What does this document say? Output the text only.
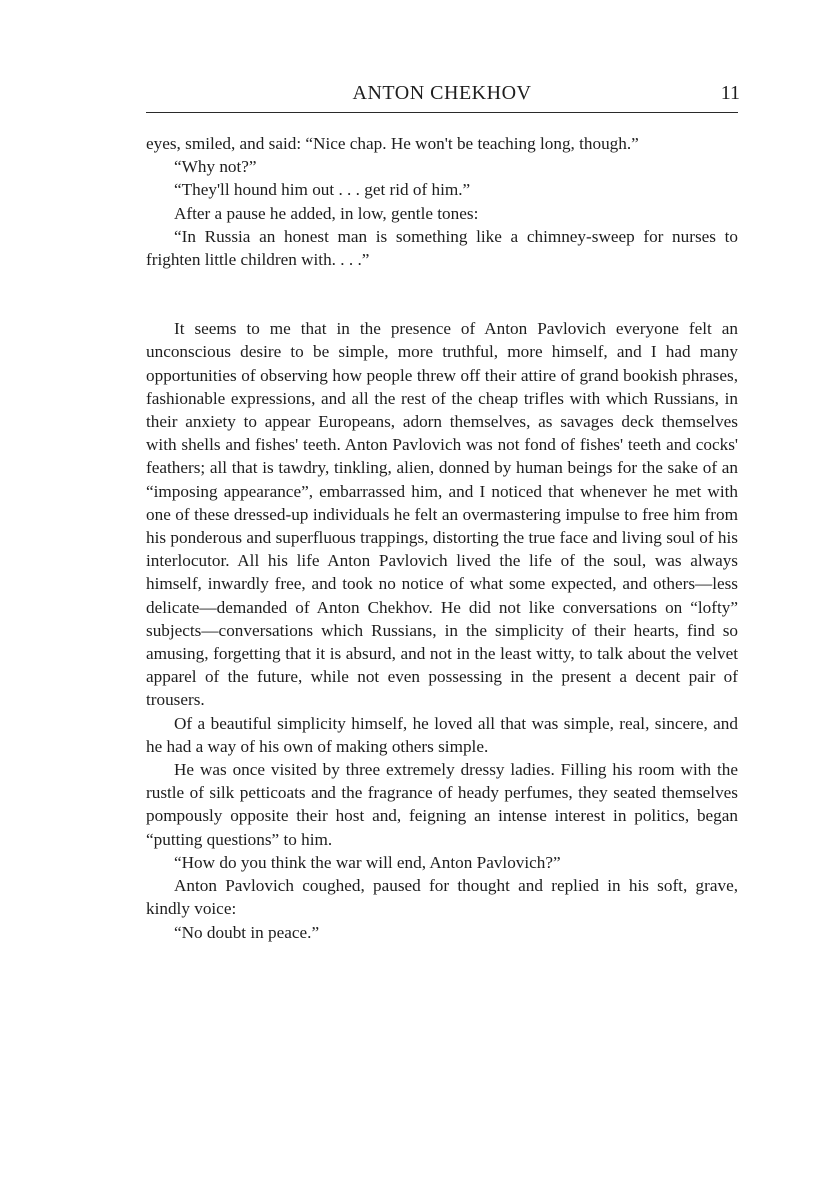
ANTON CHEKHOV	11

eyes, smiled, and said: “Nice chap. He won't be teaching long, though.”

“Why not?”

“They'll hound him out . . . get rid of him.”

After a pause he added, in low, gentle tones:

“In Russia an honest man is something like a chimney-sweep for nurses to frighten little children with. . . .”

It seems to me that in the presence of Anton Pavlovich everyone felt an unconscious desire to be simple, more truthful, more himself, and I had many opportunities of observing how people threw off their attire of grand bookish phrases, fashionable expressions, and all the rest of the cheap trifles with which Russians, in their anxiety to appear Europeans, adorn themselves, as savages deck themselves with shells and fishes' teeth. Anton Pavlovich was not fond of fishes' teeth and cocks' feathers; all that is tawdry, tinkling, alien, donned by human beings for the sake of an “imposing appearance”, embarrassed him, and I noticed that whenever he met with one of these dressed-up individuals he felt an overmastering impulse to free him from his ponderous and superfluous trappings, distorting the true face and living soul of his interlocutor. All his life Anton Pavlovich lived the life of the soul, was always himself, inwardly free, and took no notice of what some expected, and others—less delicate—demanded of Anton Chekhov. He did not like conversations on “lofty” subjects—conversations which Russians, in the simplicity of their hearts, find so amusing, forgetting that it is absurd, and not in the least witty, to talk about the velvet apparel of the future, while not even possessing in the present a decent pair of trousers.

Of a beautiful simplicity himself, he loved all that was simple, real, sincere, and he had a way of his own of making others simple.

He was once visited by three extremely dressy ladies. Filling his room with the rustle of silk petticoats and the fragrance of heady perfumes, they seated themselves pompously opposite their host and, feigning an intense interest in politics, began “putting questions” to him.

“How do you think the war will end, Anton Pavlovich?”

Anton Pavlovich coughed, paused for thought and replied in his soft, grave, kindly voice:

“No doubt in peace.”
